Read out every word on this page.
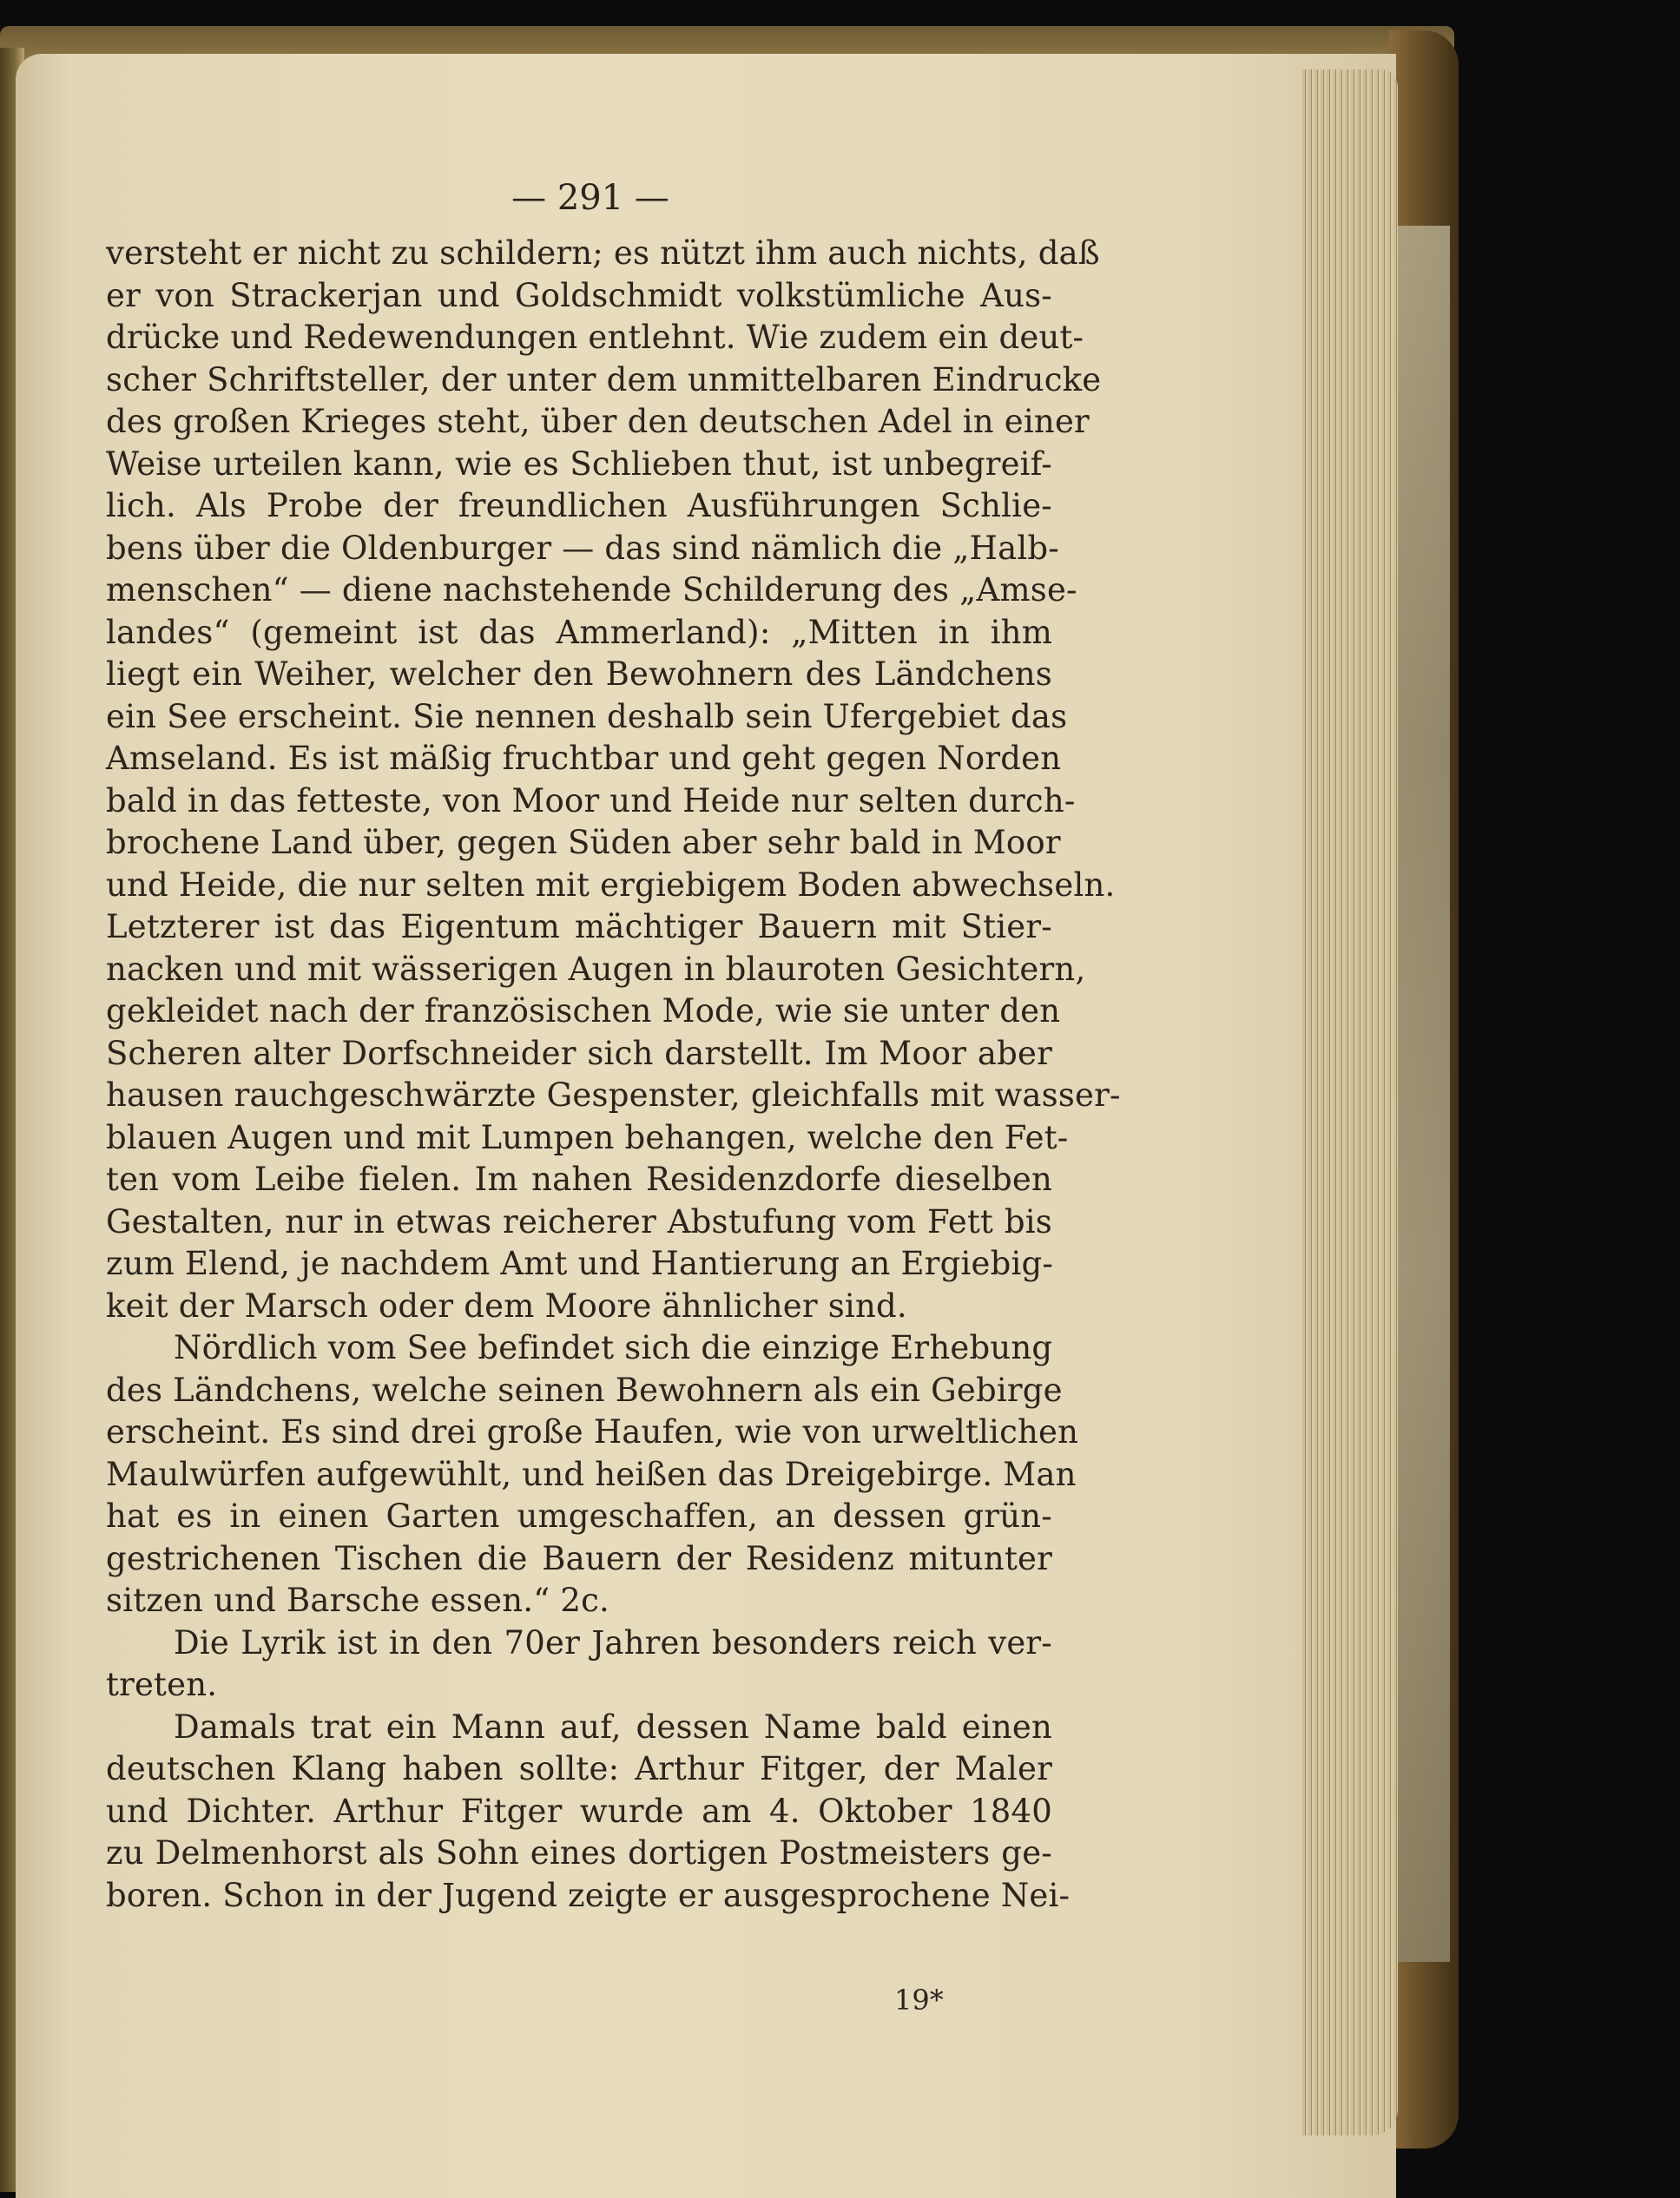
— 291 —
versteht er nicht zu schildern; es nützt ihm auch nichts, daß
er von Strackerjan und Goldschmidt volkstümliche Aus-
drücke und Redewendungen entlehnt. Wie zudem ein deut-
scher Schriftsteller, der unter dem unmittelbaren Eindrucke
des großen Krieges steht, über den deutschen Adel in einer
Weise urteilen kann, wie es Schlieben thut, ist unbegreif-
lich. Als Probe der freundlichen Ausführungen Schlie-
bens über die Oldenburger — das sind nämlich die „Halb-
menschen“ — diene nachstehende Schilderung des „Amse-
landes“ (gemeint ist das Ammerland): „Mitten in ihm
liegt ein Weiher, welcher den Bewohnern des Ländchens
ein See erscheint. Sie nennen deshalb sein Ufergebiet das
Amseland. Es ist mäßig fruchtbar und geht gegen Norden
bald in das fetteste, von Moor und Heide nur selten durch-
brochene Land über, gegen Süden aber sehr bald in Moor
und Heide, die nur selten mit ergiebigem Boden abwechseln.
Letzterer ist das Eigentum mächtiger Bauern mit Stier-
nacken und mit wässerigen Augen in blauroten Gesichtern,
gekleidet nach der französischen Mode, wie sie unter den
Scheren alter Dorfschneider sich darstellt. Im Moor aber
hausen rauchgeschwärzte Gespenster, gleichfalls mit wasser-
blauen Augen und mit Lumpen behangen, welche den Fet-
ten vom Leibe fielen. Im nahen Residenzdorfe dieselben
Gestalten, nur in etwas reicherer Abstufung vom Fett bis
zum Elend, je nachdem Amt und Hantierung an Ergiebig-
keit der Marsch oder dem Moore ähnlicher sind.
Nördlich vom See befindet sich die einzige Erhebung
des Ländchens, welche seinen Bewohnern als ein Gebirge
erscheint. Es sind drei große Haufen, wie von urweltlichen
Maulwürfen aufgewühlt, und heißen das Dreigebirge. Man
hat es in einen Garten umgeschaffen, an dessen grün-
gestrichenen Tischen die Bauern der Residenz mitunter
sitzen und Barsche essen.“ 2c.
Die Lyrik ist in den 70er Jahren besonders reich ver-
treten.
Damals trat ein Mann auf, dessen Name bald einen
deutschen Klang haben sollte: Arthur Fitger, der Maler
und Dichter. Arthur Fitger wurde am 4. Oktober 1840
zu Delmenhorst als Sohn eines dortigen Postmeisters ge-
boren. Schon in der Jugend zeigte er ausgesprochene Nei-
19*
